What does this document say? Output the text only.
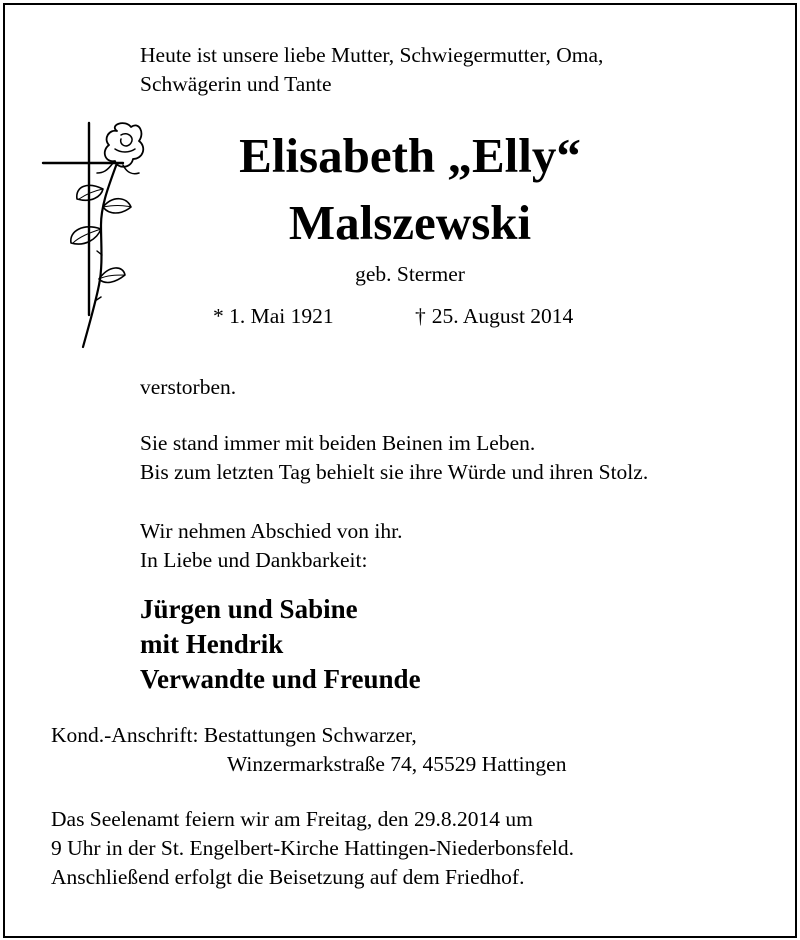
Heute ist unsere liebe Mutter, Schwiegermutter, Oma,
Schwägerin und Tante
Elisabeth „Elly“
Malszewski
geb. Stermer
* 1. Mai 1921	† 25. August 2014
verstorben.
Sie stand immer mit beiden Beinen im Leben.
Bis zum letzten Tag behielt sie ihre Würde und ihren Stolz.
Wir nehmen Abschied von ihr.
In Liebe und Dankbarkeit:
Jürgen und Sabine
mit Hendrik
Verwandte und Freunde
Kond.-Anschrift: Bestattungen Schwarzer,
Winzermarkstraße 74, 45529 Hattingen
Das Seelenamt feiern wir am Freitag, den 29.8.2014 um
9 Uhr in der St. Engelbert-Kirche Hattingen-Niederbonsfeld.
Anschließend erfolgt die Beisetzung auf dem Friedhof.
